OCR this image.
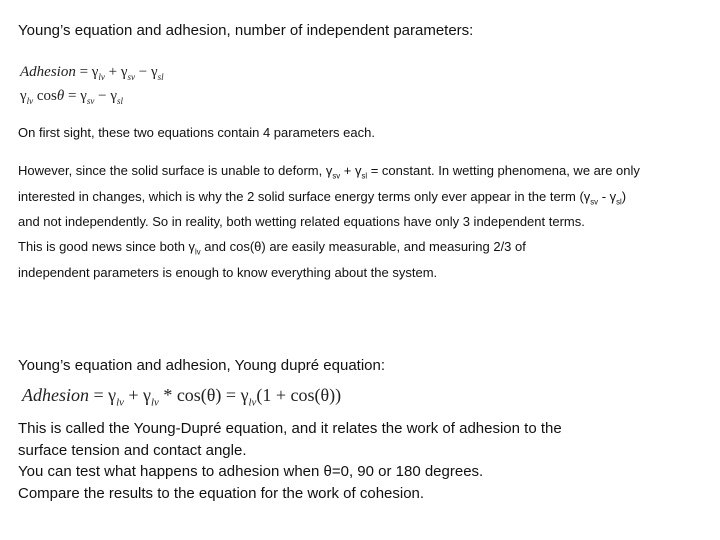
Young’s equation and adhesion, number of independent parameters:
Adhesion = $\gamma_{lv} + \gamma_{sv} - \gamma_{sl}$
$\gamma_{lv}$ $\cos\theta = \gamma_{sv} - \gamma_{sl}$
On first sight, these two equations contain 4 parameters each.
However, since the solid surface is unable to deform, $\gamma_{sv} + \gamma_{sl}$ = constant. In wetting phenomena, we are only
interested in changes, which is why the 2 solid surface energy terms only ever appear in the term $(\gamma_{sv} - \gamma_{sl})$
and not independently. So in reality, both wetting related equations have only 3 independent terms.
This is good news since both $\gamma_{lv}$ and cos(θ) are easily measurable, and measuring 2/3 of
independent parameters is enough to know everything about the system.
Young’s equation and adhesion, Young dupré equation:
Adhesion = $\gamma_{lv} + \gamma_{lv} * \cos(\theta) = \gamma_{lv}(1 + \cos(\theta))$
This is called the Young-Dupré equation, and it relates the work of adhesion to the
surface tension and contact angle.
You can test what happens to adhesion when θ=0, 90 or 180 degrees.
Compare the results to the equation for the work of cohesion.
